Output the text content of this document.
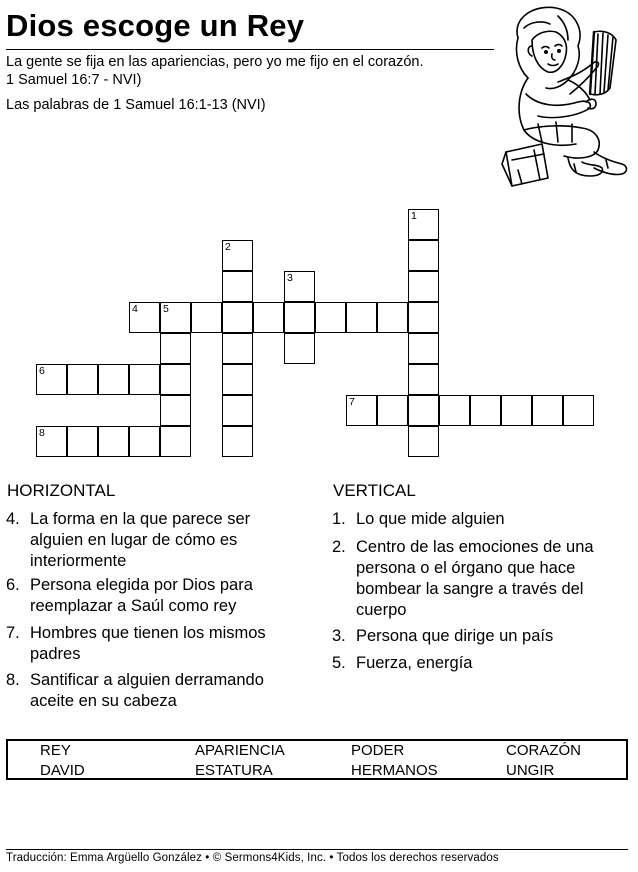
Dios escoge un Rey
La gente se fija en las apariencias, pero yo me fijo en el corazón.
1 Samuel 16:7 - NVI)
Las palabras de 1 Samuel 16:1-13 (NVI)
1
2
3
4 5
6
7
8
HORIZONTAL	VERTICAL
4. La forma en la que parece ser alguien en lugar de cómo es interiormente
6. Persona elegida por Dios para reemplazar a Saúl como rey
7. Hombres que tienen los mismos padres
8. Santificar a alguien derramando aceite en su cabeza
1. Lo que mide alguien
2. Centro de las emociones de una persona o el órgano que hace bombear la sangre a través del cuerpo
3. Persona que dirige un país
5. Fuerza, energía
REY	APARIENCIA	PODER	CORAZÓN
DAVID	ESTATURA	HERMANOS	UNGIR
Traducción: Emma Argüello González • © Sermons4Kids, Inc. • Todos los derechos reservados
